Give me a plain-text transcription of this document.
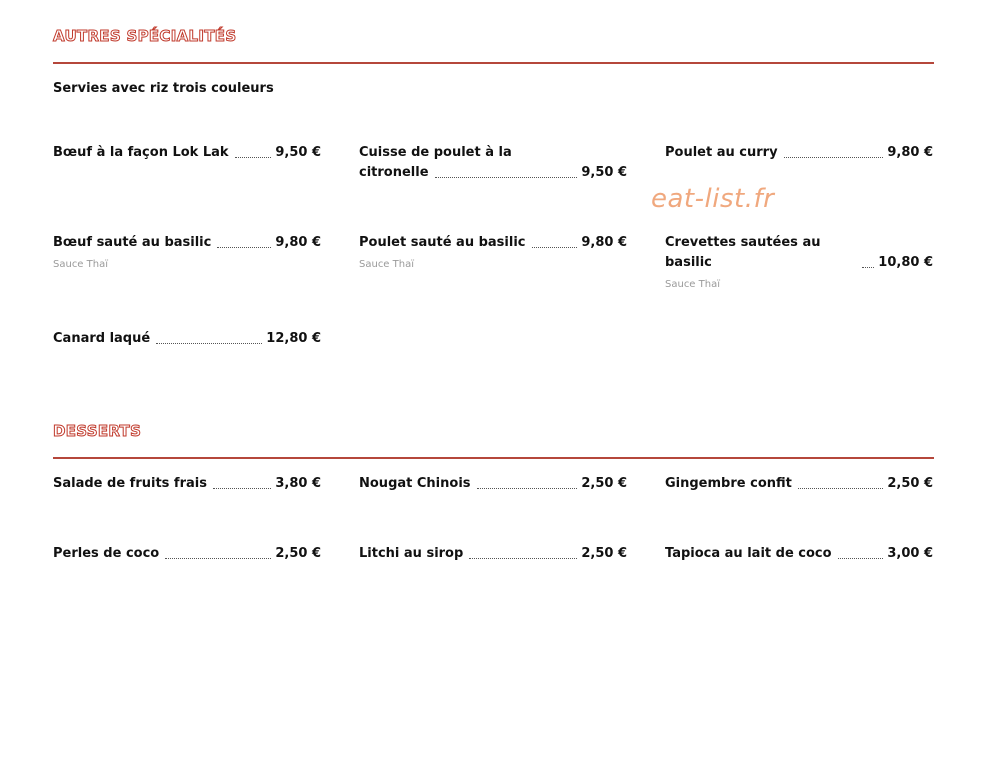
AUTRES SPÉCIALITÉS
Servies avec riz trois couleurs
Bœuf à la façon Lok Lak	9,50 €	Cuisse de poulet à la
citronelle	9,50 €
Poulet au curry	9,80 €
Bœuf sauté au basilic	9,80 €
Sauce Thaï
Poulet sauté au basilic	9,80 €
Sauce Thaï
Crevettes sautées au basilic	10,80 €
Sauce Thaï
Canard laqué	12,80 €
eat-list.fr
DESSERTS
Salade de fruits frais	3,80 €	Nougat Chinois	2,50 €	Gingembre confit	2,50 €
Perles de coco	2,50 €	Litchi au sirop	2,50 €	Tapioca au lait de coco	3,00 €
